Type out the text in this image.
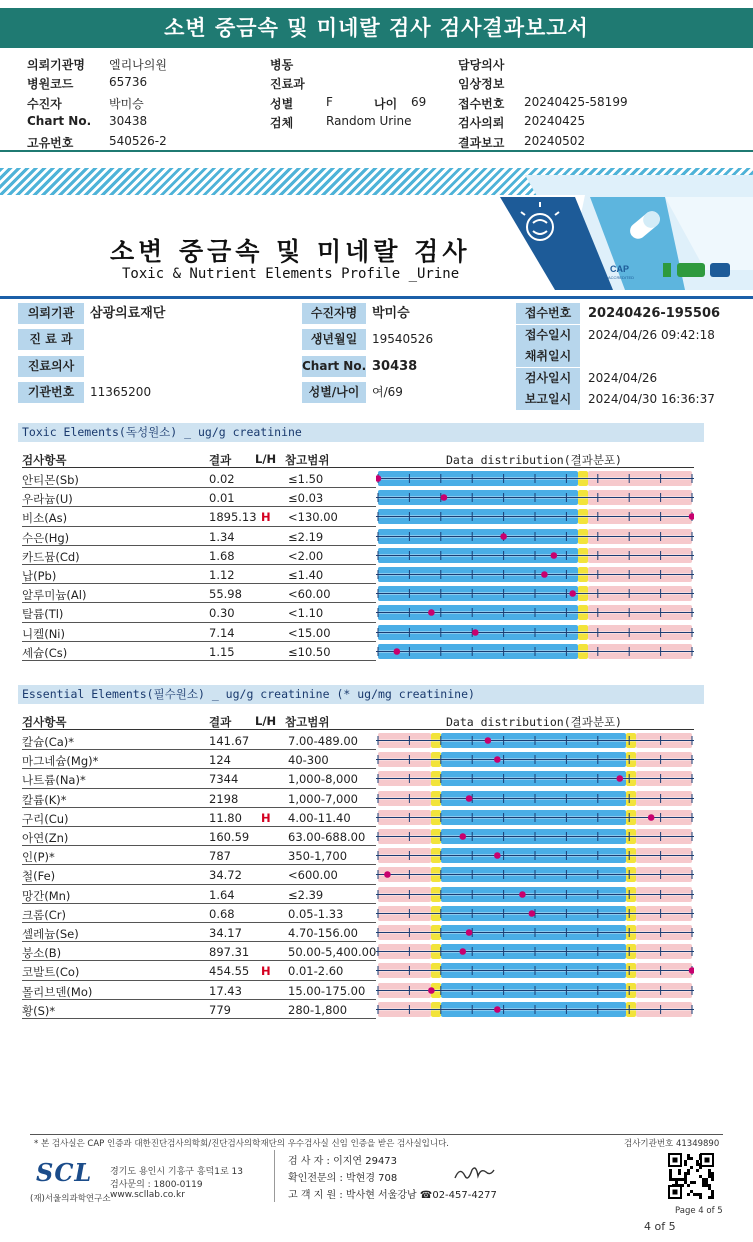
소변 중금속 및 미네랄 검사 검사결과보고서
의뢰기관명 엘리나의원	병동	담당의사
병원코드	65736	진료과	임상정보
수진자	박미승	성별	F	나이 69	접수번호 20240425-58199
Chart No. 30438	검체	Random Urine	검사의뢰 20240425
고유번호	540526-2	결과보고 20240502
CAP
ACCREDITED
소변 중금속 및 미네랄 검사
Toxic & Nutrient Elements Profile _Urine
의뢰기관	삼광의료재단	수진자명	박미승	접수번호	20240426-195506
진 료 과	생년월일	19540526	접수일시	2024/04/26 09:42:18
진료의사	Chart No. 30438
채취일시
기관번호	11365200	성별/나이	여/69
검사일시	2024/04/26
보고일시	2024/04/30 16:36:37
Toxic Elements(독성원소) _ ug/g creatinine
검사항목	결과 L/H 참고범위	Data distribution(결과분포)
안티몬(Sb)	0.02	≤1.50
우라늄(U)	0.01	≤0.03
비소(As)	1895.13 H <130.00
수은(Hg)	1.34	≤2.19
카드뮴(Cd)	1.68	<2.00
납(Pb)	1.12	≤1.40
알루미늄(Al)	55.98	<60.00
탈륨(Tl)	0.30	<1.10
니켈(Ni)	7.14	<15.00
세슘(Cs)	1.15	≤10.50
Essential Elements(필수원소) _ ug/g creatinine (* ug/mg creatinine)
검사항목	결과 L/H 참고범위	Data distribution(결과분포)
칼슘(Ca)*	141.67	7.00-489.00
마그네슘(Mg)*	124	40-300
나트륨(Na)*	7344	1,000-8,000
칼륨(K)*	2198	1,000-7,000
구리(Cu)	11.80 H 4.00-11.40
아연(Zn)	160.59	63.00-688.00
인(P)*	787	350-1,700
철(Fe)	34.72	<600.00
망간(Mn)	1.64	≤2.39
크롬(Cr)	0.68	0.05-1.33
셀레늄(Se)	34.17	4.70-156.00
붕소(B)	897.31	50.00-5,400.00
코발트(Co)	454.55 H 0.01-2.60
몰리브덴(Mo)	17.43	15.00-175.00
황(S)*	779	280-1,800
* 본 검사실은 CAP 인증과 대한진단검사의학회/진단검사의학재단의 우수검사실 신임 인증을 받은 검사실입니다.	검사기관번호 41349890
SCL
(재)서울의과학연구소
경기도 용인시 기흥구 흥덕1로 13
검사문의 : 1800-0119
www.scllab.co.kr
검 사 자 : 이지연 29473
확인전문의 : 박현경 708
고 객 지 원 : 박사현 서울강남 ☎02-457-4277
Page 4 of 5
4 of 5
